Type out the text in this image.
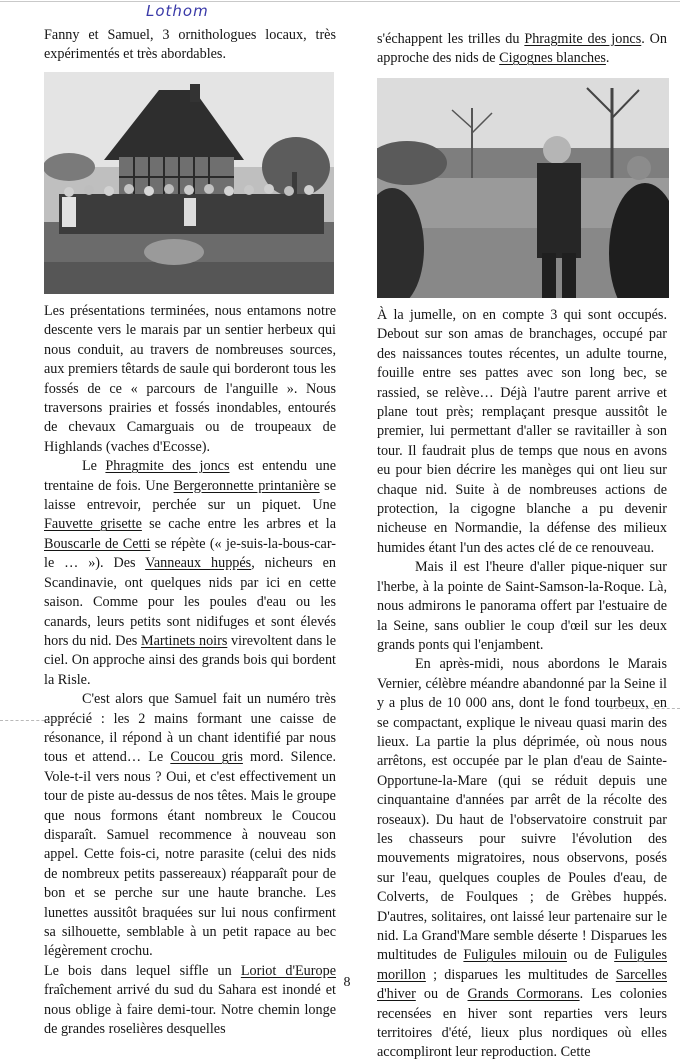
Lothom

Fanny et Samuel, 3 ornithologues locaux, très expérimentés et très abordables.

s'échappent les trilles du Phragmite des joncs. On approche des nids de Cigognes blanches.

Les présentations terminées, nous entamons notre descente vers le marais par un sentier herbeux qui nous conduit, au travers de nombreuses sources, aux premiers têtards de saule qui borderont tous les fossés de ce « parcours de l'anguille ». Nous traversons prairies et fossés inondables, entourés de chevaux Camarguais ou de troupeaux de Highlands (vaches d'Ecosse).

Le Phragmite des joncs est entendu une trentaine de fois. Une Bergeronnette printanière se laisse entrevoir, perchée sur un piquet. Une Fauvette grisette se cache entre les arbres et la Bouscarle de Cetti se répète (« je-suis-la-bous-car-le … »). Des Vanneaux huppés, nicheurs en Scandinavie, ont quelques nids par ici en cette saison. Comme pour les poules d'eau ou les canards, leurs petits sont nidifuges et sont élevés hors du nid. Des Martinets noirs virevoltent dans le ciel. On approche ainsi des grands bois qui bordent la Risle.

C'est alors que Samuel fait un numéro très apprécié : les 2 mains formant une caisse de résonance, il répond à un chant identifié par nous tous et attend… Le Coucou gris mord. Silence. Vole-t-il vers nous ? Oui, et c'est effectivement un tour de piste au-dessus de nos têtes. Mais le groupe que nous formons étant nombreux le Coucou disparaît. Samuel recommence à nouveau son appel. Cette fois-ci, notre parasite (celui des nids de nombreux petits passereaux) réapparaît pour de bon et se perche sur une haute branche. Les lunettes aussitôt braquées sur lui nous confirment sa silhouette, semblable à un petit rapace au bec légèrement crochu.

Le bois dans lequel siffle un Loriot d'Europe fraîchement arrivé du sud du Sahara est inondé et nous oblige à faire demi-tour. Notre chemin longe de grandes roselières desquelles

À la jumelle, on en compte 3 qui sont occupés. Debout sur son amas de branchages, occupé par des naissances toutes récentes, un adulte tourne, fouille entre ses pattes avec son long bec, se rassied, se relève… Déjà l'autre parent arrive et plane tout près; remplaçant presque aussitôt le premier, lui permettant d'aller se ravitailler à son tour. Il faudrait plus de temps que nous en avons eu pour bien décrire les manèges qui ont lieu sur chaque nid. Suite à de nombreuses actions de protection, la cigogne blanche a pu devenir nicheuse en Normandie, la défense des milieux humides étant l'un des actes clé de ce renouveau.

Mais il est l'heure d'aller pique-niquer sur l'herbe, à la pointe de Saint-Samson-la-Roque. Là, nous admirons le panorama offert par l'estuaire de la Seine, sans oublier le coup d'œil sur les deux grands ponts qui l'enjambent.

En après-midi, nous abordons le Marais Vernier, célèbre méandre abandonné par la Seine il y a plus de 10 000 ans, dont le fond tourbeux, en se compactant, explique le niveau quasi marin des lieux. La partie la plus déprimée, où nous nous arrêtons, est occupée par le plan d'eau de Sainte-Opportune-la-Mare (qui se réduit depuis une cinquantaine d'années par arrêt de la récolte des roseaux). Du haut de l'observatoire construit par les chasseurs pour suivre l'évolution des mouvements migratoires, nous observons, posés sur l'eau, quelques couples de Poules d'eau, de Colverts, de Foulques ; de Grèbes huppés. D'autres, solitaires, ont laissé leur partenaire sur le nid. La Grand'Mare semble déserte ! Disparues les multitudes de Fuligules milouin ou de Fuligules morillon ; disparues les multitudes de Sarcelles d'hiver ou de Grands Cormorans. Les colonies recensées en hiver sont reparties vers leurs territoires d'été, lieux plus nordiques où elles accompliront leur reproduction. Cette

8
